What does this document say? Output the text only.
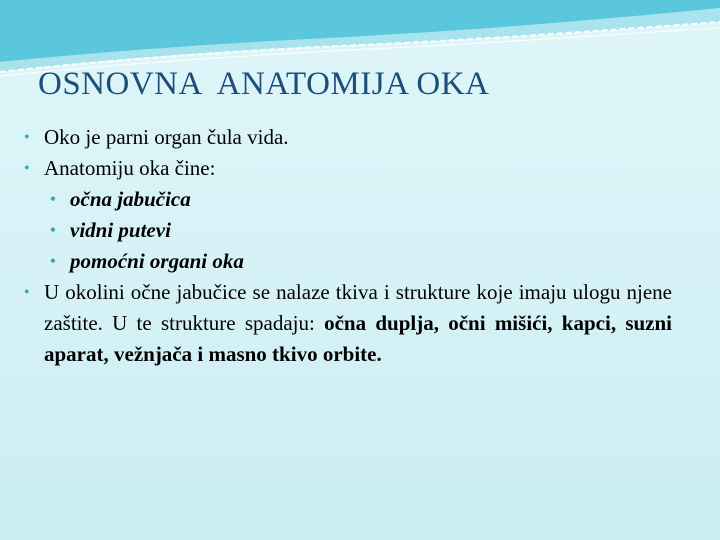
OSNOVNA  ANATOMIJA OKA
• Oko je parni organ čula vida.
• Anatomiju oka čine:
• očna jabučica
• vidni putevi
• pomoćni organi oka
• U okolini očne jabučice se nalaze tkiva i strukture koje imaju ulogu njene zaštite. U te strukture spadaju: očna duplja, očni mišići, kapci, suzni aparat, vežnjača i masno tkivo orbite.
